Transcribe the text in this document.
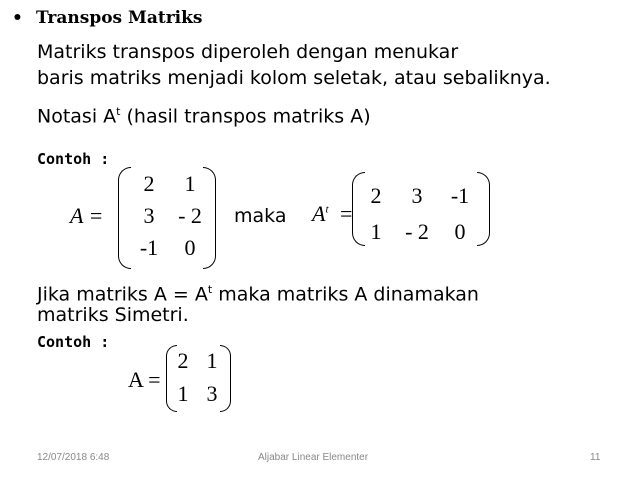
• Transpos Matriks
Matriks transpos diperoleh dengan menukar
baris matriks menjadi kolom seletak, atau sebaliknya.
Notasi $A^t$ (hasil transpos matriks A)
Contoh :
A =
2	1
3	- 2
-1	0
maka $A^t$ =
2	3	-1
1	- 2	0
Jika matriks $A = A^t$ maka matriks A dinamakan
matriks Simetri.
Contoh :
A =
2 1
1 3
12/07/2018 6:48	Aljabar Linear Elementer	11
